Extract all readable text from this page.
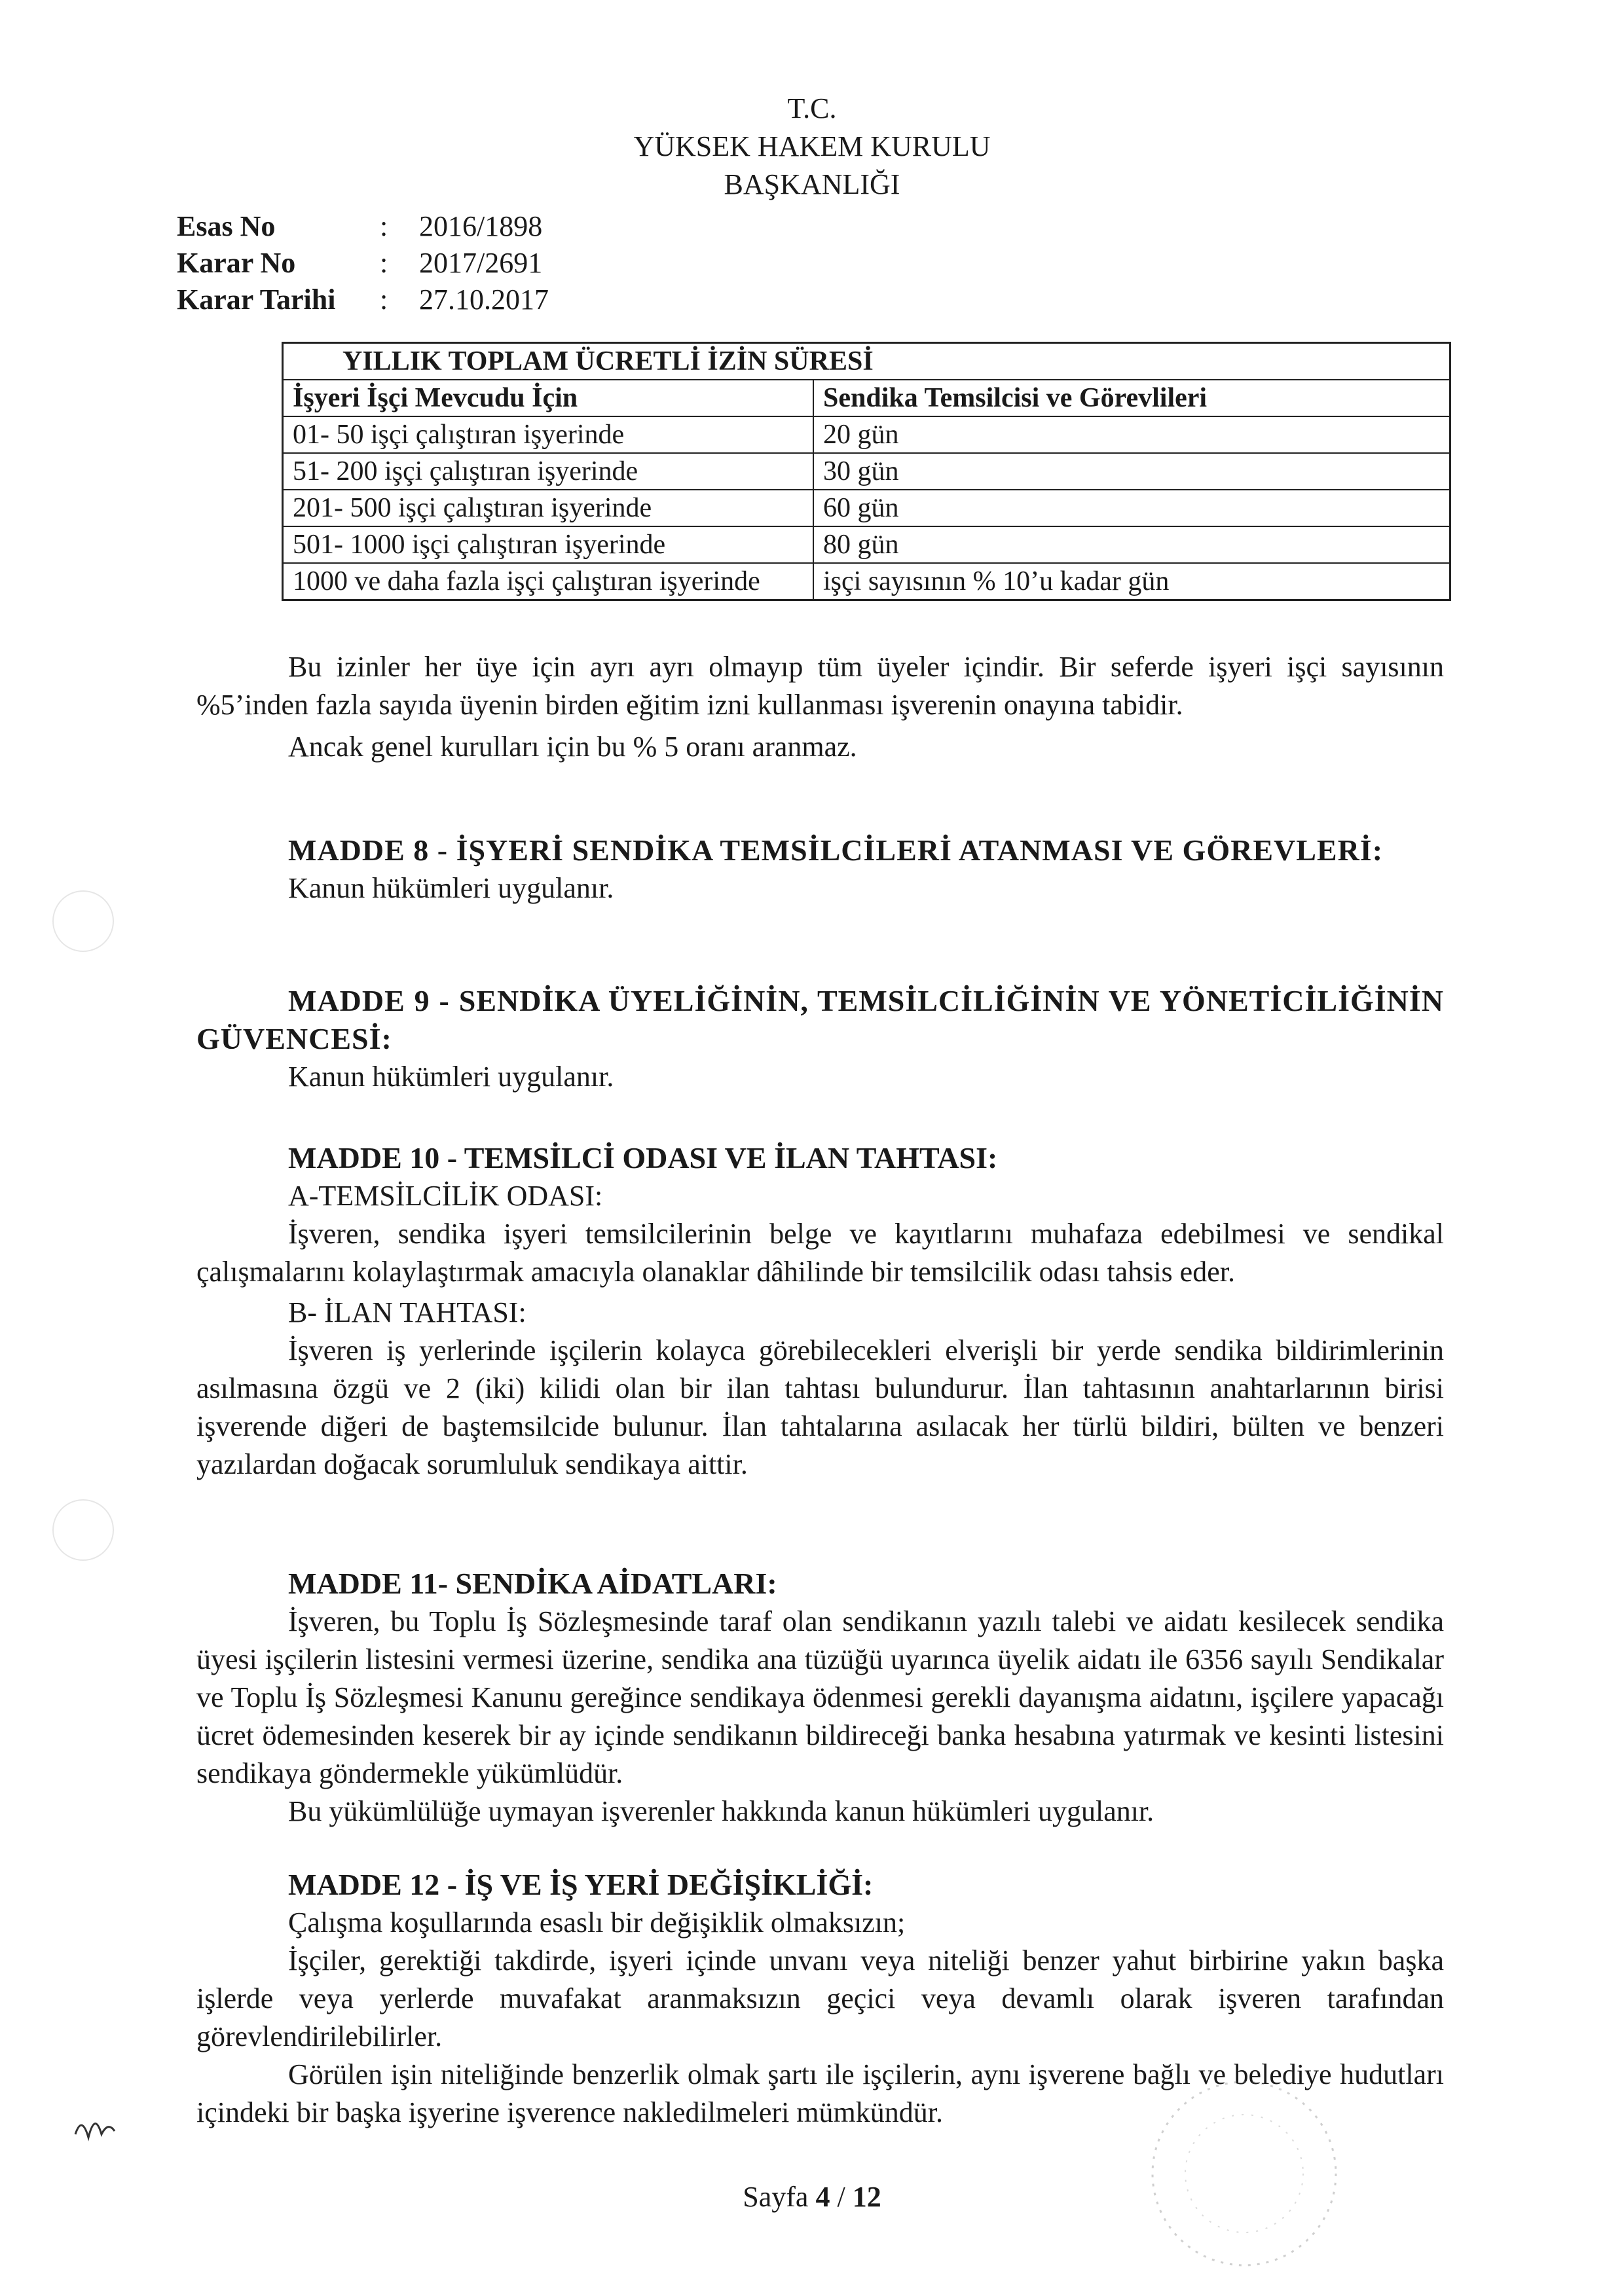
T.C.
YÜKSEK HAKEM KURULU
BAŞKANLIĞI
Esas No	:	2016/1898
Karar No	:	2017/2691
Karar Tarihi	:	27.10.2017
YILLIK TOPLAM ÜCRETLİ İZİN SÜRESİ
İşyeri İşçi Mevcudu İçin	Sendika Temsilcisi ve Görevlileri
01- 50 işçi çalıştıran işyerinde	20 gün
51- 200 işçi çalıştıran işyerinde	30 gün
201- 500 işçi çalıştıran işyerinde	60 gün
501- 1000 işçi çalıştıran işyerinde	80 gün
1000 ve daha fazla işçi çalıştıran işyerinde	işçi sayısının % 10’u kadar gün
Bu izinler her üye için ayrı ayrı olmayıp tüm üyeler içindir. Bir seferde işyeri işçi sayısının %5’inden fazla sayıda üyenin birden eğitim izni kullanması işverenin onayına tabidir.
Ancak genel kurulları için bu % 5 oranı aranmaz.
MADDE 8 - İŞYERİ SENDİKA TEMSİLCİLERİ ATANMASI VE GÖREVLERİ:
Kanun hükümleri uygulanır.
MADDE 9 - SENDİKA ÜYELİĞİNİN, TEMSİLCİLİĞİNİN VE YÖNETİCİLİĞİNİN GÜVENCESİ:
Kanun hükümleri uygulanır.
MADDE 10 - TEMSİLCİ ODASI VE İLAN TAHTASI:
A-TEMSİLCİLİK ODASI:
İşveren, sendika işyeri temsilcilerinin belge ve kayıtlarını muhafaza edebilmesi ve sendikal çalışmalarını kolaylaştırmak amacıyla olanaklar dâhilinde bir temsilcilik odası tahsis eder.
B- İLAN TAHTASI:
İşveren iş yerlerinde işçilerin kolayca görebilecekleri elverişli bir yerde sendika bildirimlerinin asılmasına özgü ve 2 (iki) kilidi olan bir ilan tahtası bulundurur. İlan tahtasının anahtarlarının birisi işverende diğeri de baştemsilcide bulunur. İlan tahtalarına asılacak her türlü bildiri, bülten ve benzeri yazılardan doğacak sorumluluk sendikaya aittir.
MADDE 11- SENDİKA AİDATLARI:
İşveren, bu Toplu İş Sözleşmesinde taraf olan sendikanın yazılı talebi ve aidatı kesilecek sendika üyesi işçilerin listesini vermesi üzerine, sendika ana tüzüğü uyarınca üyelik aidatı ile 6356 sayılı Sendikalar ve Toplu İş Sözleşmesi Kanunu gereğince sendikaya ödenmesi gerekli dayanışma aidatını, işçilere yapacağı ücret ödemesinden keserek bir ay içinde sendikanın bildireceği banka hesabına yatırmak ve kesinti listesini sendikaya göndermekle yükümlüdür.
Bu yükümlülüğe uymayan işverenler hakkında kanun hükümleri uygulanır.
MADDE 12 - İŞ VE İŞ YERİ DEĞİŞİKLİĞİ:
Çalışma koşullarında esaslı bir değişiklik olmaksızın;
İşçiler, gerektiği takdirde, işyeri içinde unvanı veya niteliği benzer yahut birbirine yakın başka işlerde veya yerlerde muvafakat aranmaksızın geçici veya devamlı olarak işveren tarafından görevlendirilebilirler.
Görülen işin niteliğinde benzerlik olmak şartı ile işçilerin, aynı işverene bağlı ve belediye hudutları içindeki bir başka işyerine işverence nakledilmeleri mümkündür.
Sayfa 4 / 12
